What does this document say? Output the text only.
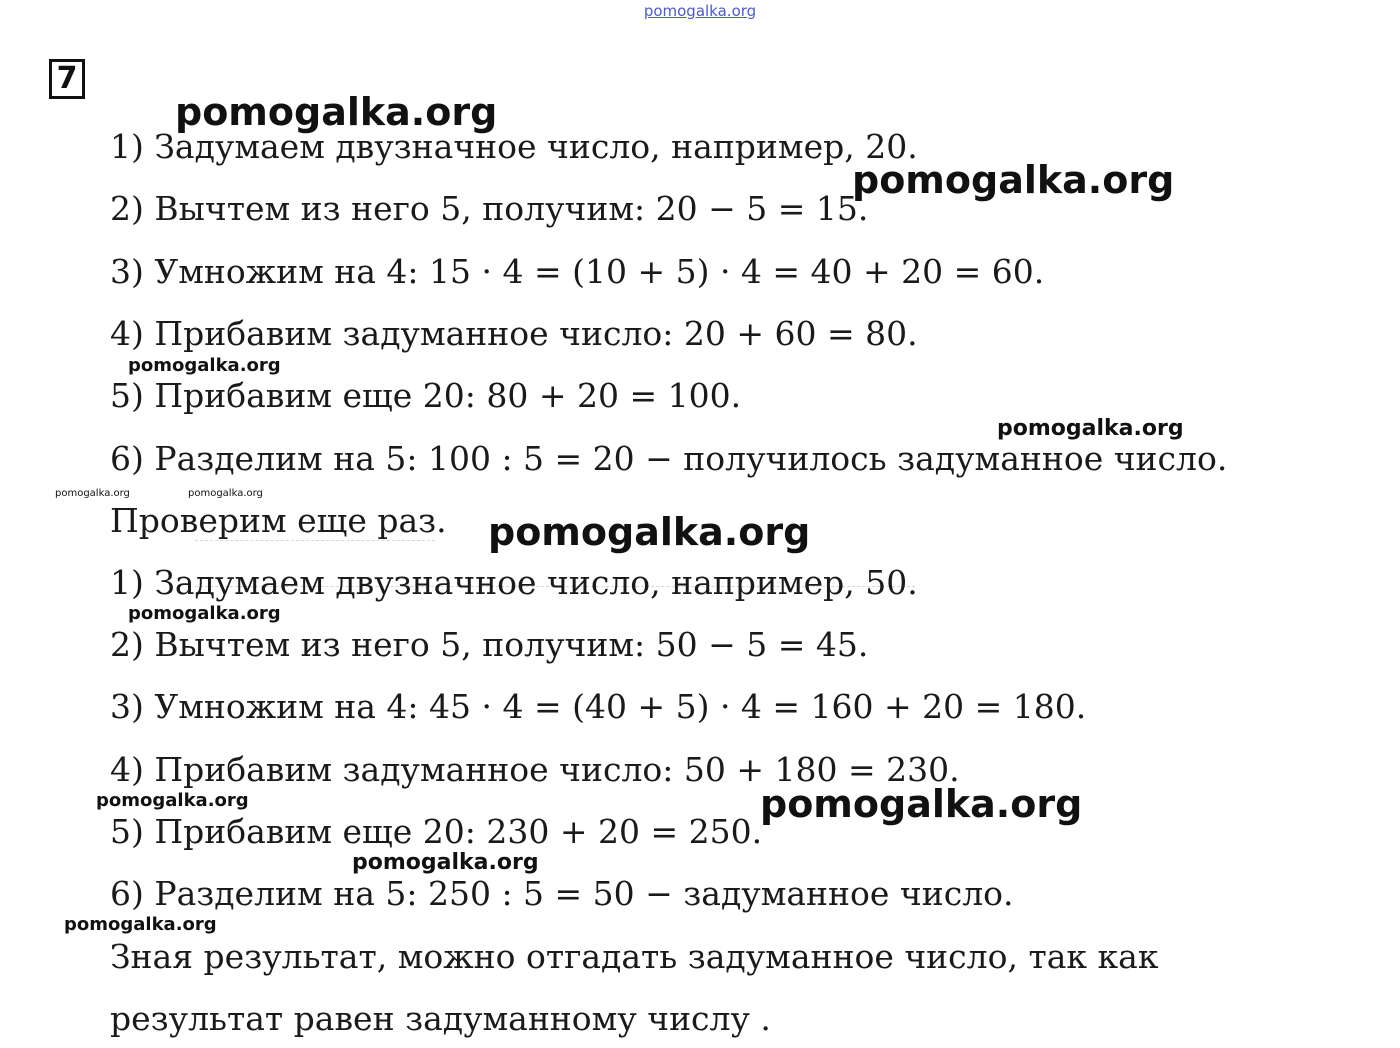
pomogalka.org
7
1) Задумаем двузначное число, например, 20.
2) Вычтем из него 5, получим: 20 − 5 = 15.
3) Умножим на 4: 15 · 4 = (10 + 5) · 4 = 40 + 20 = 60.
4) Прибавим задуманное число: 20 + 60 = 80.
5) Прибавим еще 20: 80 + 20 = 100.
6) Разделим на 5: 100 : 5 = 20 − получилось задуманное число.
Проверим еще раз.
1) Задумаем двузначное число, например, 50.
2) Вычтем из него 5, получим: 50 − 5 = 45.
3) Умножим на 4: 45 · 4 = (40 + 5) · 4 = 160 + 20 = 180.
4) Прибавим задуманное число: 50 + 180 = 230.
5) Прибавим еще 20: 230 + 20 = 250.
6) Разделим на 5: 250 : 5 = 50 − задуманное число.
Зная результат, можно отгадать задуманное число, так как
результат равен задуманному числу .
pomogalka.org
pomogalka.org
pomogalka.org
pomogalka.org
pomogalka.org	pomogalka.org
pomogalka.org
pomogalka.org
pomogalka.org	pomogalka.org
pomogalka.org
pomogalka.org
